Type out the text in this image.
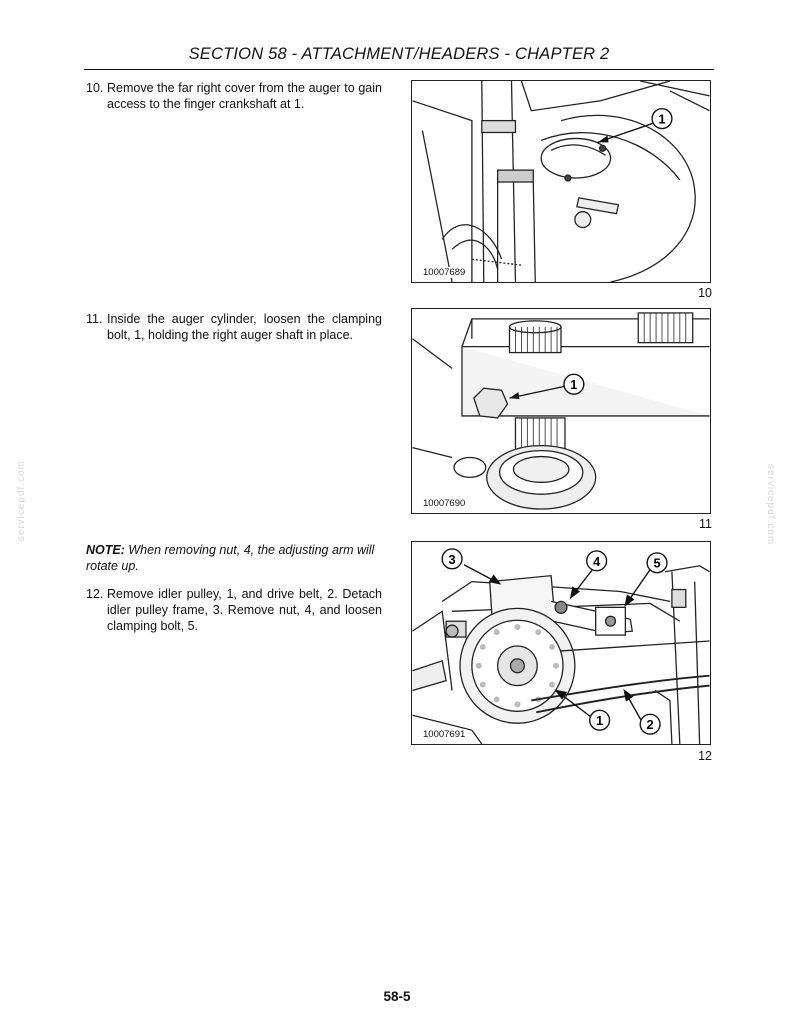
SECTION 58 - ATTACHMENT/HEADERS - CHAPTER 2
10. Remove the far right cover from the auger to gain access to the finger crankshaft at 1.
1
10007689
10
11. Inside the auger cylinder, loosen the clamping bolt, 1, holding the right auger shaft in place.
1
10007690
11
NOTE: When removing nut, 4, the adjusting arm will rotate up.
12. Remove idler pulley, 1, and drive belt, 2. Detach idler pulley frame, 3. Remove nut, 4, and loosen clamping bolt, 5.
3	4	5
1	2
10007691
12
servicepdf.com	servicepdf.com
58-5
